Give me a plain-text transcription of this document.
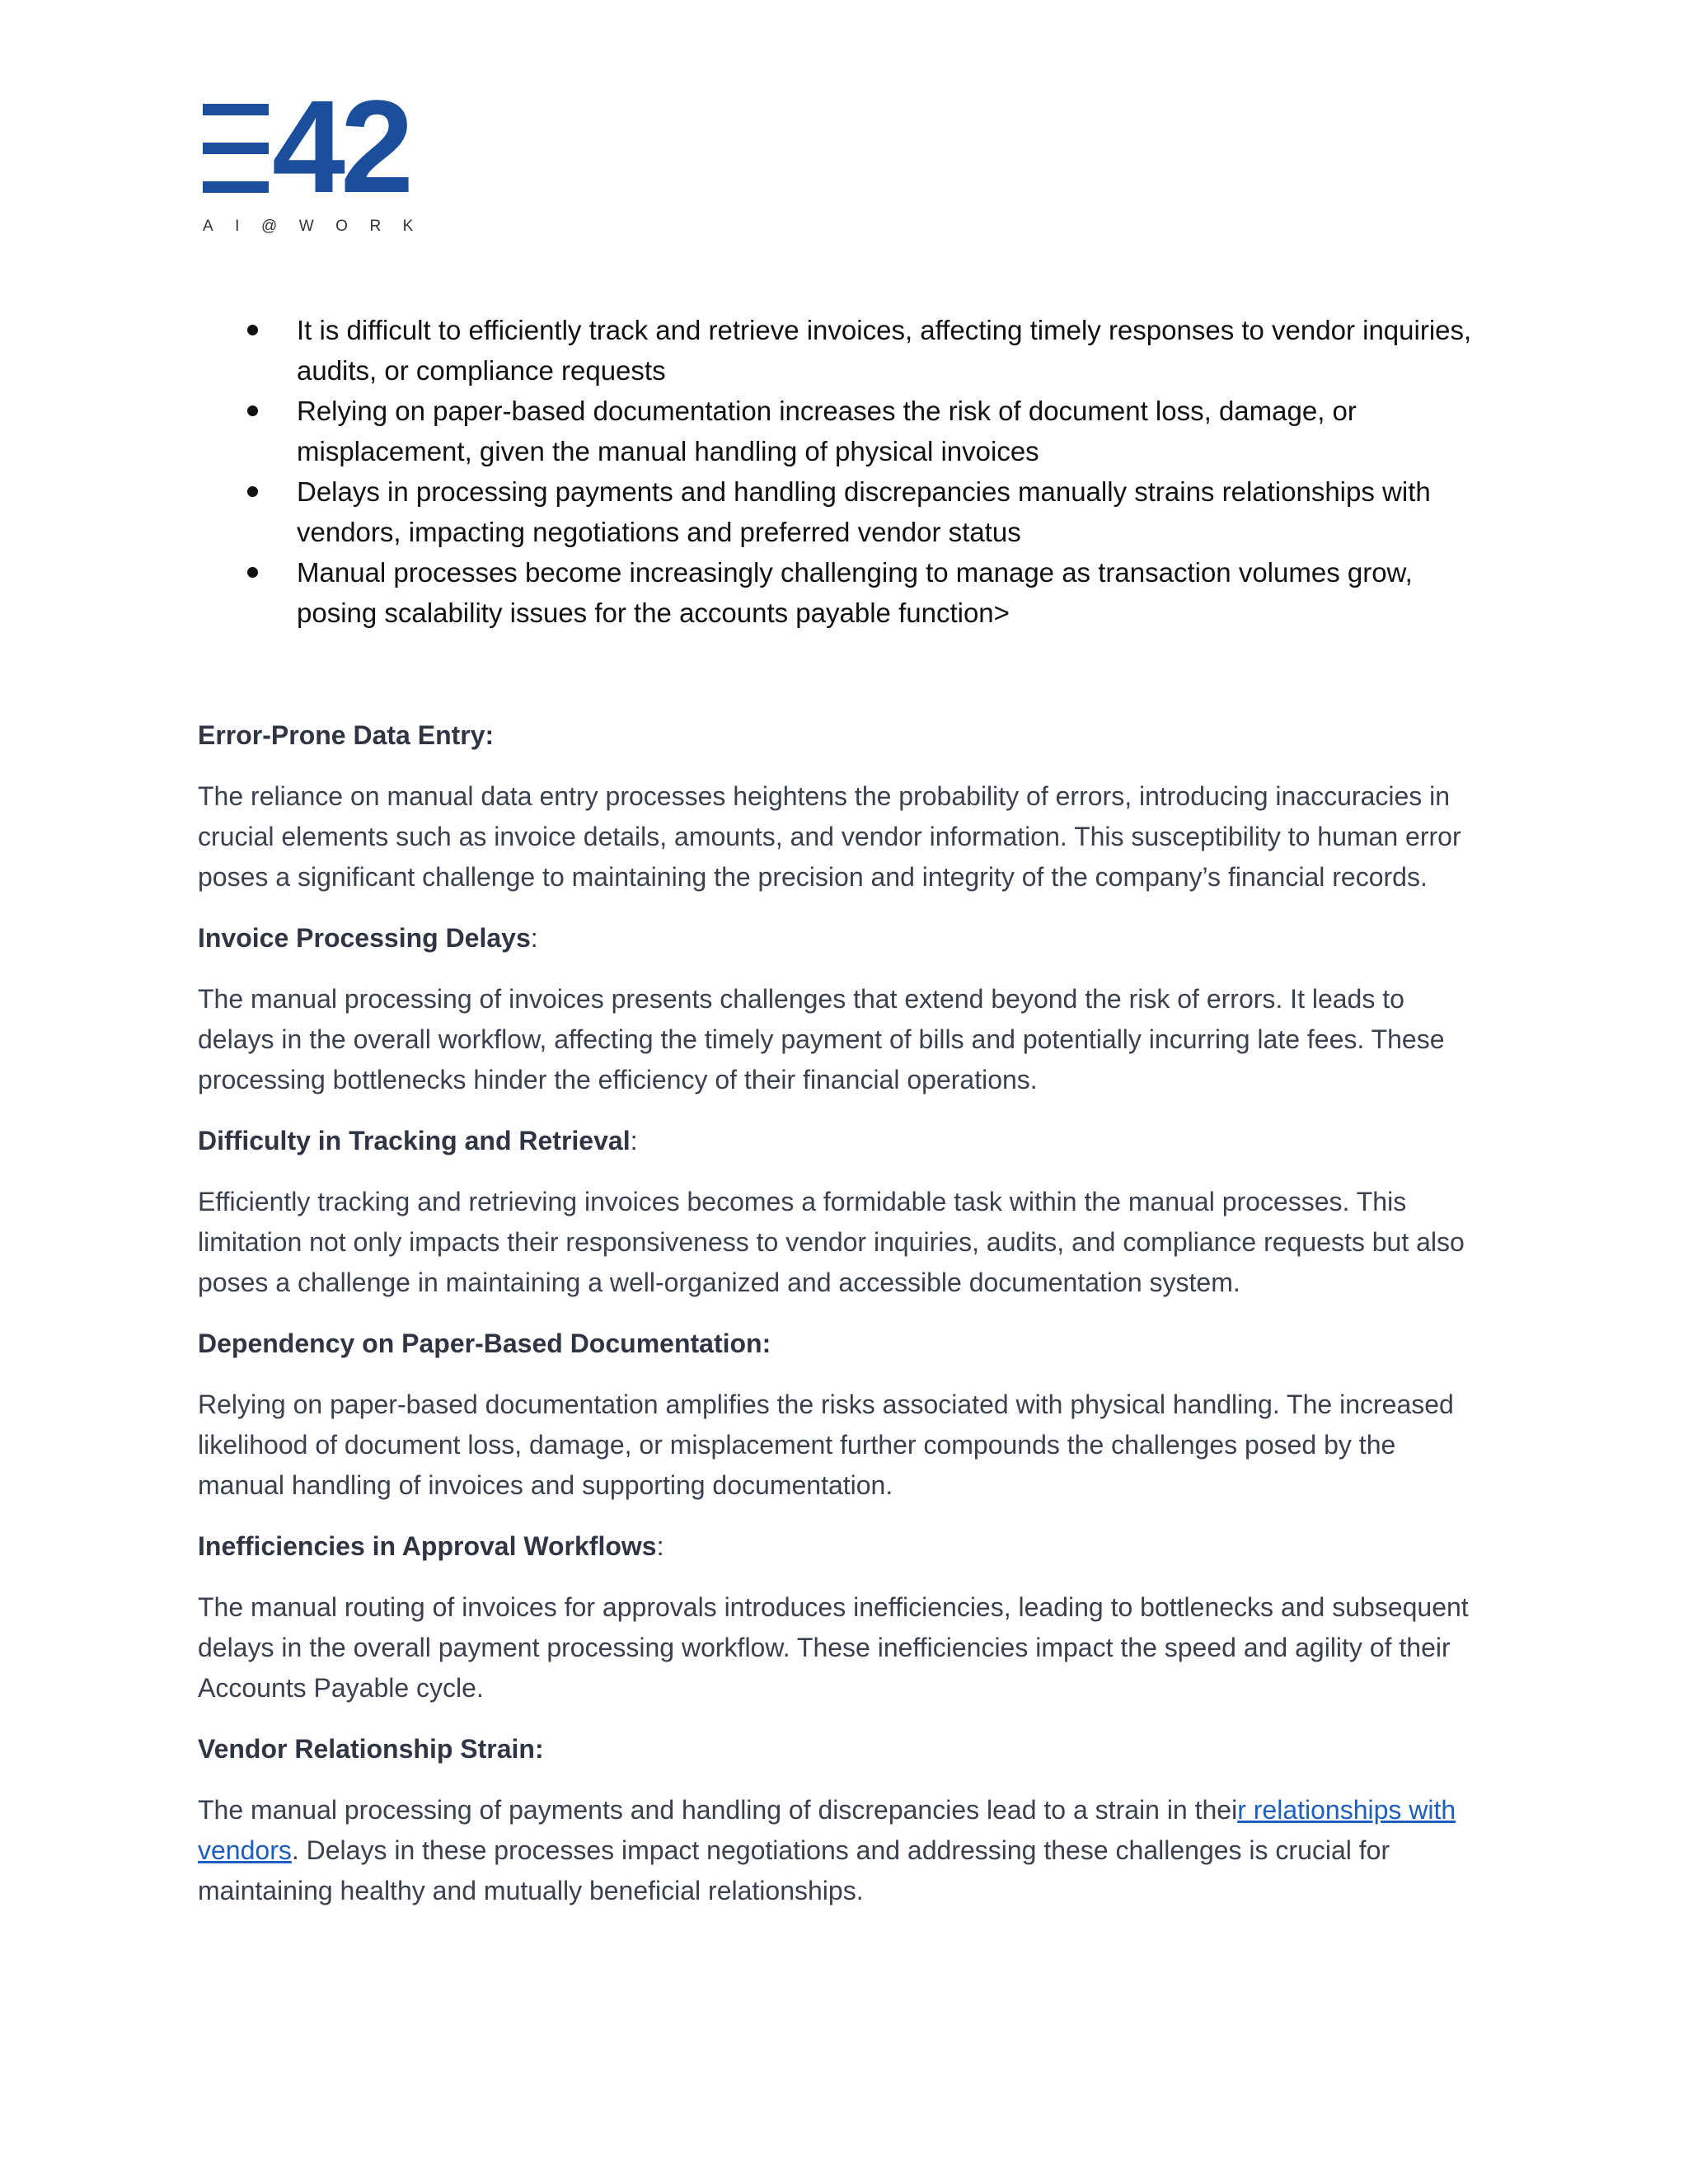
42
AI@WORK
It is difficult to efficiently track and retrieve invoices, affecting timely responses to vendor inquiries, audits, or compliance requests
Relying on paper-based documentation increases the risk of document loss, damage, or misplacement, given the manual handling of physical invoices
Delays in processing payments and handling discrepancies manually strains relationships with vendors, impacting negotiations and preferred vendor status
Manual processes become increasingly challenging to manage as transaction volumes grow, posing scalability issues for the accounts payable function>
Error-Prone Data Entry:

The reliance on manual data entry processes heightens the probability of errors, introducing inaccuracies in crucial elements such as invoice details, amounts, and vendor information. This susceptibility to human error poses a significant challenge to maintaining the precision and integrity of the company’s financial records.

Invoice Processing Delays:

The manual processing of invoices presents challenges that extend beyond the risk of errors. It leads to delays in the overall workflow, affecting the timely payment of bills and potentially incurring late fees. These processing bottlenecks hinder the efficiency of their financial operations.

Difficulty in Tracking and Retrieval:

Efficiently tracking and retrieving invoices becomes a formidable task within the manual processes. This limitation not only impacts their responsiveness to vendor inquiries, audits, and compliance requests but also poses a challenge in maintaining a well-organized and accessible documentation system.

Dependency on Paper-Based Documentation:

Relying on paper-based documentation amplifies the risks associated with physical handling. The increased likelihood of document loss, damage, or misplacement further compounds the challenges posed by the manual handling of invoices and supporting documentation.

Inefficiencies in Approval Workflows:

The manual routing of invoices for approvals introduces inefficiencies, leading to bottlenecks and subsequent delays in the overall payment processing workflow. These inefficiencies impact the speed and agility of their Accounts Payable cycle.

Vendor Relationship Strain:

The manual processing of payments and handling of discrepancies lead to a strain in their relationships with vendors. Delays in these processes impact negotiations and addressing these challenges is crucial for maintaining healthy and mutually beneficial relationships.
